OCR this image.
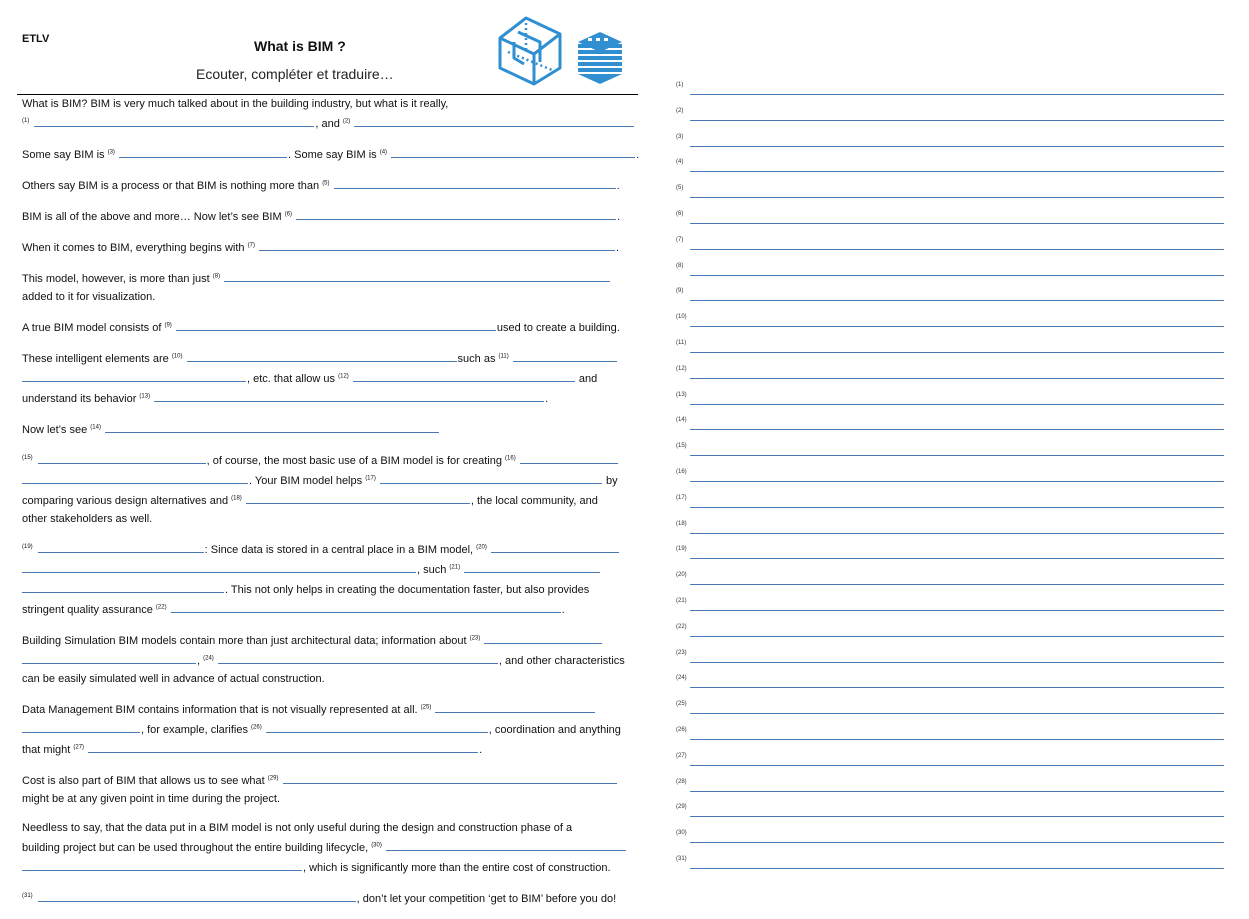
ETLV	What is BIM ?
Ecouter, compléter et traduire…
What is BIM? BIM is very much talked about in the building industry, but what is it really,
$^{(1)}$	, and $^{(2)}$
Some say BIM is $^{(3)}$	. Some say BIM is $^{(4)}$	.
Others say BIM is a process or that BIM is nothing more than $^{(5)}$	.
BIM is all of the above and more… Now let’s see BIM $^{(6)}$	.
When it comes to BIM, everything begins with $^{(7)}$	.
This model, however, is more than just $^{(8)}$
added to it for visualization.
A true BIM model consists of $^{(9)}$	used to create a building.
These intelligent elements are $^{(10)}$	such as $^{(11)}$
, etc. that allow us $^{(12)}$	and
understand its behavior $^{(13)}$	.
Now let’s see $^{(14)}$
$^{(15)}$	, of course, the most basic use of a BIM model is for creating $^{(16)}$
. Your BIM model helps $^{(17)}$	by
comparing various design alternatives and $^{(18)}$	, the local community, and
other stakeholders as well.
$^{(19)}$	: Since data is stored in a central place in a BIM model, $^{(20)}$
, such $^{(21)}$
. This not only helps in creating the documentation faster, but also provides
stringent quality assurance $^{(22)}$	.
Building Simulation BIM models contain more than just architectural data; information about $^{(23)}$
, $^{(24)}$	, and other characteristics
can be easily simulated well in advance of actual construction.
Data Management BIM contains information that is not visually represented at all. $^{(25)}$
, for example, clarifies $^{(26)}$	, coordination and anything
that might $^{(27)}$	.
Cost is also part of BIM that allows us to see what $^{(29)}$
might be at any given point in time during the project.
Needless to say, that the data put in a BIM model is not only useful during the design and construction phase of a
building project but can be used throughout the entire building lifecycle, $^{(30)}$
, which is significantly more than the entire cost of construction.
$^{(31)}$	, don’t let your competition ‘get to BIM’ before you do!
(1)
(2)
(3)
(4)
(5)
(6)
(7)
(8)
(9)
(10)
(11)
(12)
(13)
(14)
(15)
(16)
(17)
(18)
(19)
(20)
(21)
(22)
(23)
(24)
(25)
(26)
(27)
(28)
(29)
(30)
(31)
